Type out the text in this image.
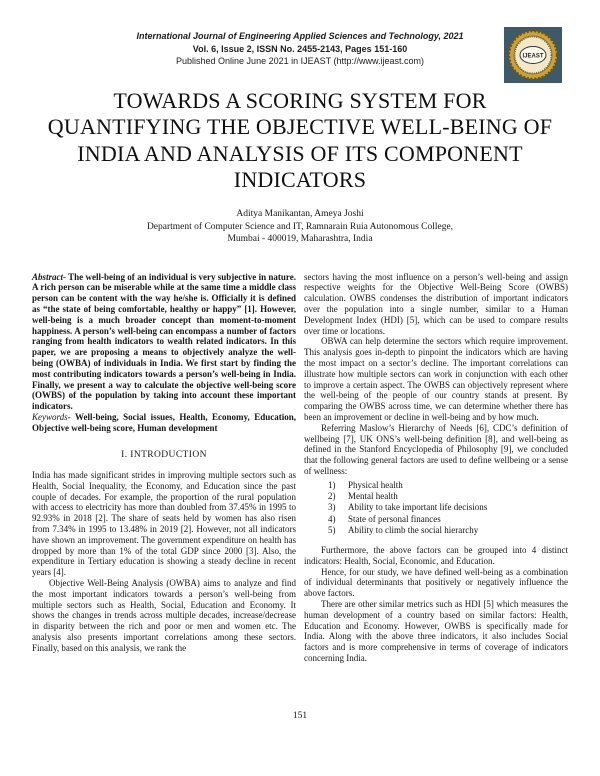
International Journal of Engineering Applied Sciences and Technology, 2021
Vol. 6, Issue 2, ISSN No. 2455-2143, Pages 151-160
Published Online June 2021 in IJEAST (http://www.ijeast.com)	IJEAST
TOWARDS A SCORING SYSTEM FOR
QUANTIFYING THE OBJECTIVE WELL-BEING OF
INDIA AND ANALYSIS OF ITS COMPONENT
INDICATORS
Aditya Manikantan, Ameya Joshi
Department of Computer Science and IT, Ramnarain Ruia Autonomous College,
Mumbai - 400019, Maharashtra, India

Abstract- The well-being of an individual is very subjective in nature. A rich person can be miserable while at the same time a middle class person can be content with the way he/she is. Officially it is defined as “the state of being comfortable, healthy or happy” [1]. However, well-being is a much broader concept than moment-to-moment happiness. A person’s well-being can encompass a number of factors ranging from health indicators to wealth related indicators. In this paper, we are proposing a means to objectively analyze the well-being (OWBA) of individuals in India. We first start by finding the most contributing indicators towards a person’s well-being in India. Finally, we present a way to calculate the objective well-being score (OWBS) of the population by taking into account these important indicators.

Keywords- Well-being, Social issues, Health, Economy, Education, Objective well-being score, Human development

I. INTRODUCTION

India has made significant strides in improving multiple sectors such as Health, Social Inequality, the Economy, and Education since the past couple of decades. For example, the proportion of the rural population with access to electricity has more than doubled from 37.45% in 1995 to 92.93% in 2018 [2]. The share of seats held by women has also risen from 7.34% in 1995 to 13.48% in 2019 [2]. However, not all indicators have shown an improvement. The government expenditure on health has dropped by more than 1% of the total GDP since 2000 [3]. Also, the expenditure in Tertiary education is showing a steady decline in recent years [4].

Objective Well-Being Analysis (OWBA) aims to analyze and find the most important indicators towards a person’s well-being from multiple sectors such as Health, Social, Education and Economy. It shows the changes in trends across multiple decades, increase/decrease in disparity between the rich and poor or men and women etc. The analysis also presents important correlations among these sectors. Finally, based on this analysis, we rank the

sectors having the most influence on a person’s well-being and assign respective weights for the Objective Well-Being Score (OWBS) calculation. OWBS condenses the distribution of important indicators over the population into a single number, similar to a Human Development Index (HDI) [5], which can be used to compare results over time or locations.

OBWA can help determine the sectors which require improvement. This analysis goes in-depth to pinpoint the indicators which are having the most impact on a sector’s decline. The important correlations can illustrate how multiple sectors can work in conjunction with each other to improve a certain aspect. The OWBS can objectively represent where the well-being of the people of our country stands at present. By comparing the OWBS across time, we can determine whether there has been an improvement or decline in well-being and by how much.

Referring Maslow’s Hierarchy of Needs [6], CDC’s definition of wellbeing [7], UK ONS’s well-being definition [8], and well-being as defined in the Stanford Encyclopedia of Philosophy [9], we concluded that the following general factors are used to define wellbeing or a sense of wellness:

1)	Physical health
2)	Mental health
3)	Ability to take important life decisions
4)	State of personal finances
5)	Ability to climb the social hierarchy

Furthermore, the above factors can be grouped into 4 distinct indicators: Health, Social, Economic, and Education.

Hence, for our study, we have defined well-being as a combination of individual determinants that positively or negatively influence the above factors.

There are other similar metrics such as HDI [5] which measures the human development of a country based on similar factors: Health, Education and Economy. However, OWBS is specifically made for India. Along with the above three indicators, it also includes Social factors and is more comprehensive in terms of coverage of indicators concerning India.

151
